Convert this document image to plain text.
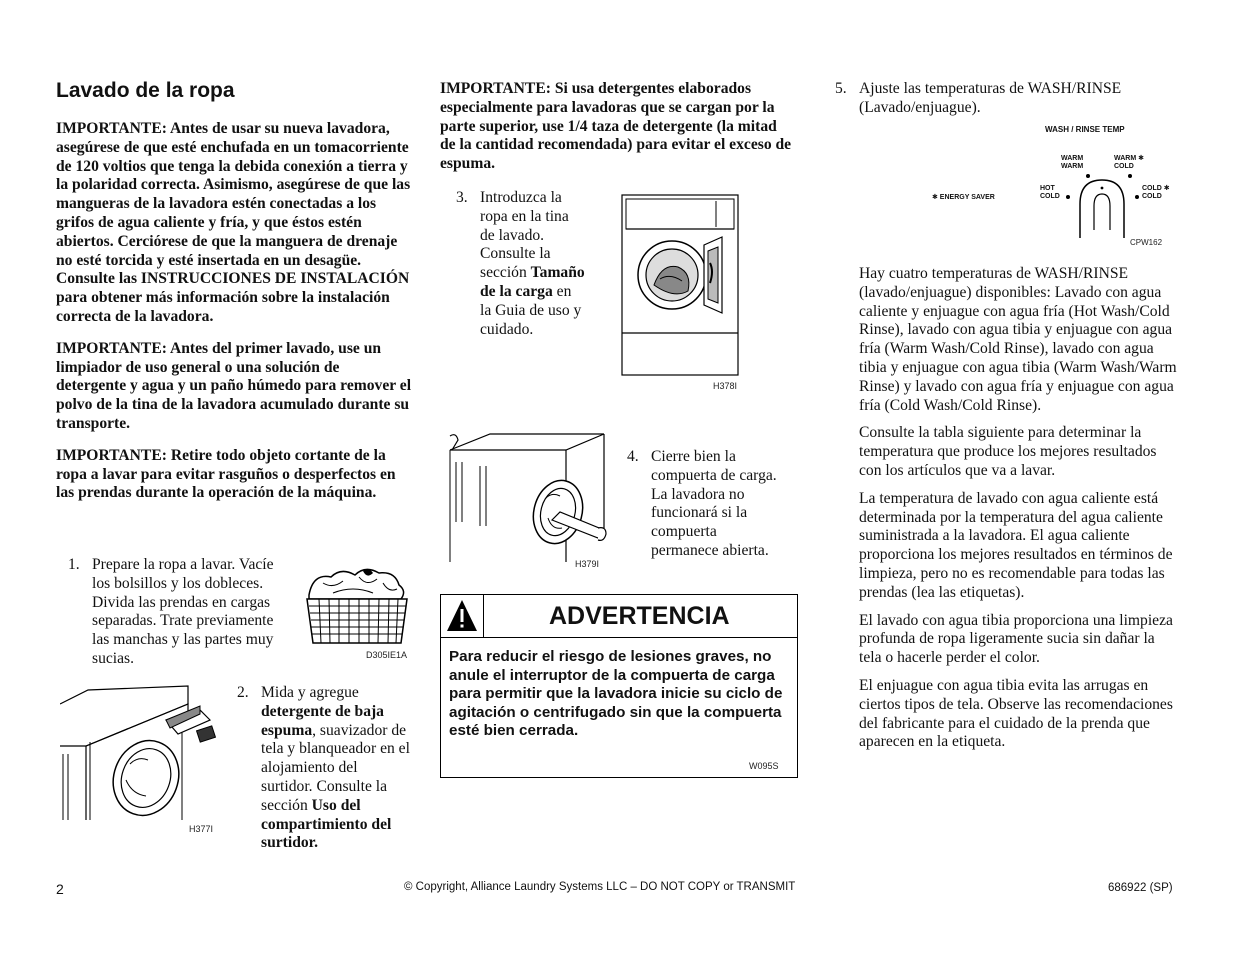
Lavado de la ropa

IMPORTANTE: Antes de usar su nueva lavadora, asegúrese de que esté enchufada en un tomacorriente de 120 voltios que tenga la debida conexión a tierra y la polaridad correcta. Asimismo, asegúrese de que las mangueras de la lavadora estén conectadas a los grifos de agua caliente y fría, y que éstos estén abiertos. Cerciórese de que la manguera de drenaje no esté torcida y esté insertada en un desagüe. Consulte las INSTRUCCIONES DE INSTALACIÓN para obtener más información sobre la instalación correcta de la lavadora.

IMPORTANTE: Antes del primer lavado, use un limpiador de uso general o una solución de detergente y agua y un paño húmedo para remover el polvo de la tina de la lavadora acumulado durante su transporte.

IMPORTANTE: Retire todo objeto cortante de la ropa a lavar para evitar rasguños o desperfectos en las prendas durante la operación de la máquina.

1. Prepare la ropa a lavar. Vacíe los bolsillos y los dobleces. Divida las prendas en cargas separadas. Trate previamente las manchas y las partes muy sucias.	D305IE1A
H377I
2. Mida y agregue detergente de baja espuma, suavizador de tela y blanqueador en el alojamiento del surtidor. Consulte la sección Uso del compartimiento del surtidor.
IMPORTANTE: Si usa detergentes elaborados especialmente para lavadoras que se cargan por la parte superior, use 1/4 taza de detergente (la mitad de la cantidad recomendada) para evitar el exceso de espuma.
3. Introduzca la ropa en la tina de lavado. Consulte la sección Tamaño de la carga en la Guia de uso y cuidado.
H378I
H379I
4. Cierre bien la compuerta de carga. La lavadora no funcionará si la compuerta permanece abierta.
ADVERTENCIA
Para reducir el riesgo de lesiones graves, no anule el interruptor de la compuerta de carga para permitir que la lavadora inicie su ciclo de agitación o centrifugado sin que la compuerta esté bien cerrada.
W095S
5. Ajuste las temperaturas de WASH/RINSE (Lavado/enjuague).
WASH / RINSE TEMP
WARM
WARM
WARM ✱
COLD
HOT
COLD
COLD ✱
COLD
✱ ENERGY SAVER
CPW162

Hay cuatro temperaturas de WASH/RINSE (lavado/enjuague) disponibles: Lavado con agua caliente y enjuague con agua fría (Hot Wash/Cold Rinse), lavado con agua tibia y enjuague con agua fría (Warm Wash/Cold Rinse), lavado con agua tibia y enjuague con agua tibia (Warm Wash/Warm Rinse) y lavado con agua fría y enjuague con agua fría (Cold Wash/Cold Rinse).

Consulte la tabla siguiente para determinar la temperatura que produce los mejores resultados con los artículos que va a lavar.

La temperatura de lavado con agua caliente está determinada por la temperatura del agua caliente suministrada a la lavadora. El agua caliente proporciona los mejores resultados en términos de limpieza, pero no es recomendable para todas las prendas (lea las etiquetas).

El lavado con agua tibia proporciona una limpieza profunda de ropa ligeramente sucia sin dañar la tela o hacerle perder el color.

El enjuague con agua tibia evita las arrugas en ciertos tipos de tela. Observe las recomendaciones del fabricante para el cuidado de la prenda que aparecen en la etiqueta.

2	© Copyright, Alliance Laundry Systems LLC – DO NOT COPY or TRANSMIT	686922 (SP)
